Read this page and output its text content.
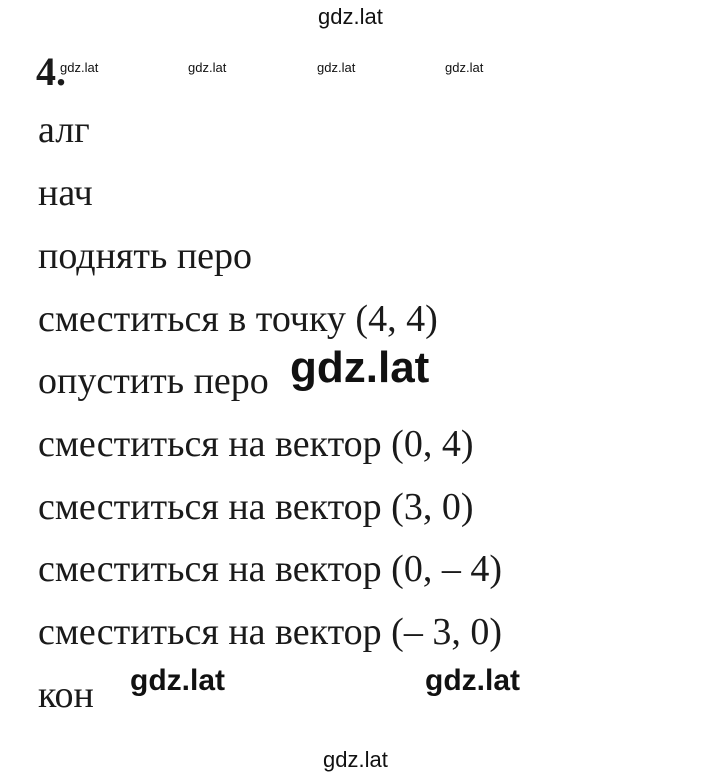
gdz.lat
4.
gdz.lat	gdz.lat	gdz.lat	gdz.lat
алг
нач
поднять перо
сместиться в точку (4, 4)
опустить перо
сместиться на вектор (0, 4)
сместиться на вектор (3, 0)
сместиться на вектор (0, – 4)
сместиться на вектор (– 3, 0)
кон
gdz.lat
gdz.lat	gdz.lat
gdz.lat
